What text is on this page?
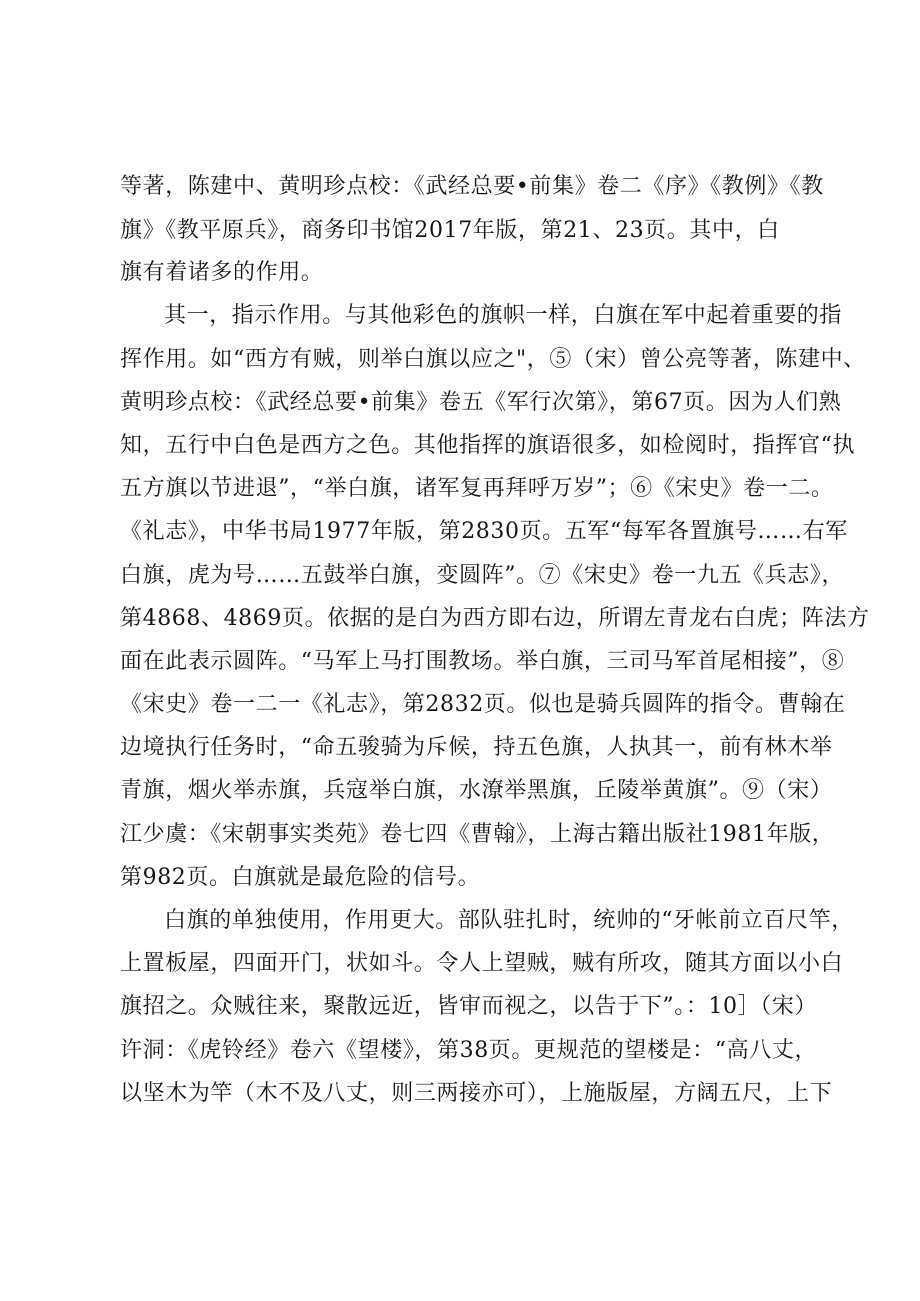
等著，陈建中、黄明珍点校：《武经总要•前集》卷二《序》《教例》《教
旗》《教平原兵》，商务印书馆2017年版，第21、23页。其中，白
旗有着诸多的作用。
其一，指示作用。与其他彩色的旗帜一样，白旗在军中起着重要的指
挥作用。如“西方有贼，则举白旗以应之"，⑤（宋）曾公亮等著，陈建中、
黄明珍点校：《武经总要•前集》卷五《军行次第》，第67页。因为人们熟
知，五行中白色是西方之色。其他指挥的旗语很多，如检阅时，指挥官“执
五方旗以节进退”，“举白旗，诸军复再拜呼万岁”；⑥《宋史》卷一二。
《礼志》，中华书局1977年版，第2830页。五军“每军各置旗号……右军
白旗，虎为号……五鼓举白旗，变圆阵”。⑦《宋史》卷一九五《兵志》，
第4868、4869页。依据的是白为西方即右边，所谓左青龙右白虎；阵法方
面在此表示圆阵。“马军上马打围教场。举白旗，三司马军首尾相接”，⑧
《宋史》卷一二一《礼志》，第2832页。似也是骑兵圆阵的指令。曹翰在
边境执行任务时，“命五骏骑为斥候，持五色旗，人执其一，前有林木举
青旗，烟火举赤旗，兵寇举白旗，水潦举黑旗，丘陵举黄旗”。⑨（宋）
江少虞：《宋朝事实类苑》卷七四《曹翰》，上海古籍出版社1981年版，
第982页。白旗就是最危险的信号。
白旗的单独使用，作用更大。部队驻扎时，统帅的“牙帐前立百尺竿，
上置板屋，四面开门，状如斗。令人上望贼，贼有所攻，随其方面以小白
旗招之。众贼往来，聚散远近，皆审而视之，以告于下”。：10］（宋）
许洞：《虎铃经》卷六《望楼》，第38页。更规范的望楼是：“高八丈，
以坚木为竿（木不及八丈，则三两接亦可），上施版屋，方阔五尺，上下
